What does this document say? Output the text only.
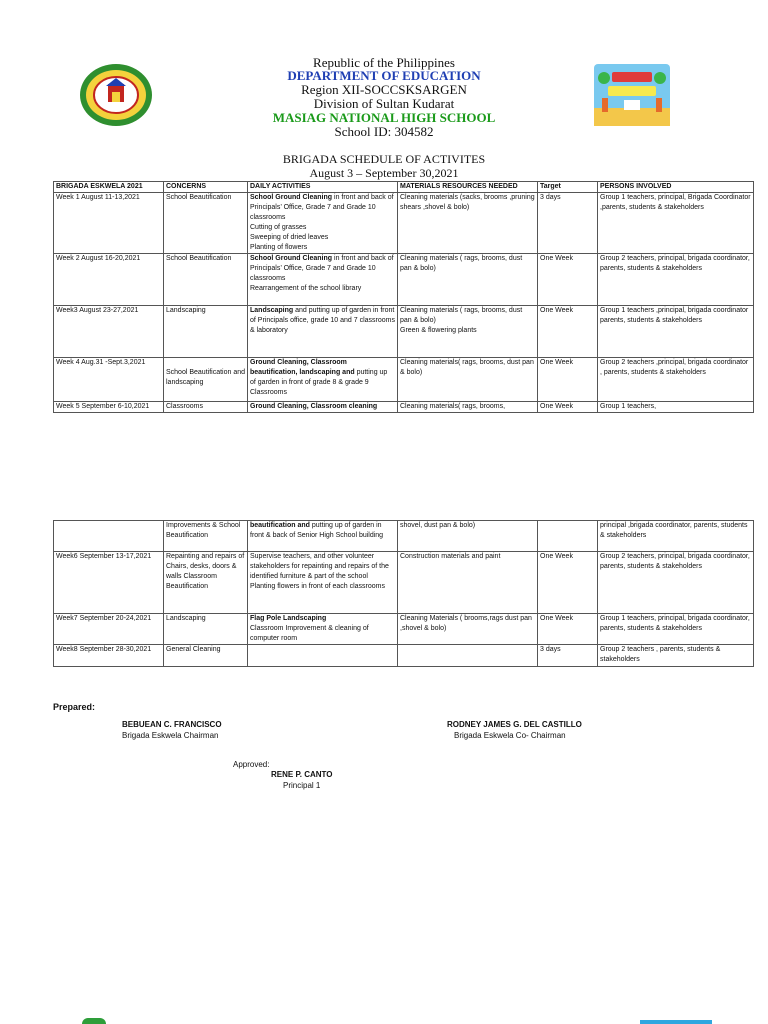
Republic of the Philippines
DEPARTMENT OF EDUCATION
Region XII-SOCCSKSARGEN
Division of Sultan Kudarat
MASIAG NATIONAL HIGH SCHOOL
School ID: 304582
BRIGADA SCHEDULE OF ACTIVITES
August 3 – September 30,2021
BRIGADA ESKWELA 2021	CONCERNS	DAILY ACTIVITIES	MATERIALS RESOURCES NEEDED	Target	PERSONS INVOLVED
Week 1 August 11-13,2021	School Beautification	School Ground Cleaning in front and back of Principals’ Office, Grade 7 and Grade 10 classrooms
Cutting of grasses
Sweeping of dried leaves
Planting of flowers	Cleaning materials (sacks, brooms ,pruning shears ,shovel & bolo)	3 days	Group 1 teachers, principal, Brigada Coordinator ,parents, students & stakeholders
Week 2 August 16-20,2021	School Beautification	School Ground Cleaning in front and back of Principals’ Office, Grade 7 and Grade 10 classrooms
Rearrangement of the school library	Cleaning materials ( rags, brooms, dust pan & bolo)	One Week	Group 2 teachers, principal, brigada coordinator, parents, students & stakeholders
Week3 August 23-27,2021	Landscaping	Landscaping and putting up of garden in front of Principals office, grade 10 and 7 classrooms & laboratory	Cleaning materials ( rags, brooms, dust pan & bolo)
Green & flowering plants	One Week	Group 1 teachers ,principal, brigada coordinator parents, students & stakeholders
Week 4 Aug.31 -Sept.3,2021	School Beautification and landscaping	Ground Cleaning, Classroom beautification, landscaping and putting up of garden in front of grade 8 & grade 9 Classrooms	Cleaning materials( rags, brooms, dust pan & bolo)	One Week	Group 2 teachers ,principal, brigada coordinator , parents, students & stakeholders
Week 5 September 6-10,2021	Classrooms	Ground Cleaning, Classroom cleaning	Cleaning materials( rags, brooms,	One Week	Group 1 teachers,
	Improvements & School Beautification	beautification and putting up of garden in front & back of Senior High School building	shovel, dust pan & bolo)		principal ,brigada coordinator, parents, students & stakeholders
Week6 September 13-17,2021	Repainting and repairs of Chairs, desks, doors & walls Classroom Beautification	Supervise teachers, and other volunteer stakeholders for repainting and repairs of the identified furniture & part of the school
Planting flowers in front of each classrooms	Construction materials and paint	One Week	Group 2 teachers, principal, brigada coordinator, parents, students & stakeholders
Week7 September 20-24,2021	Landscaping	Flag Pole Landscaping
Classroom Improvement & cleaning of computer room	Cleaning Materials ( brooms,rags dust pan ,shovel & bolo)	One Week	Group 1 teachers, principal, brigada coordinator, parents, students & stakeholders
Week8 September 28-30,2021	General Cleaning			3 days	Group 2 teachers , parents, students & stakeholders
Prepared:
BEBUEAN C. FRANCISCO
Brigada Eskwela Chairman
RODNEY JAMES G. DEL CASTILLO
Brigada Eskwela Co- Chairman
Approved:
RENE P. CANTO
Principal 1
